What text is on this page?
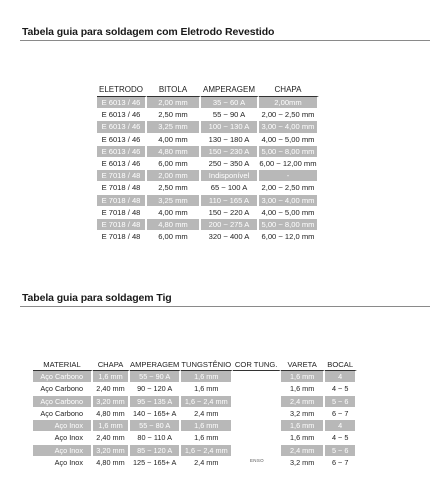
Tabela guia para soldagem com Eletrodo Revestido
ELETRODO	BITOLA	AMPERAGEM	CHAPA
E 6013 / 46	2,00 mm	35 ~ 60 A	2,00mm
E 6013 / 46	2,50 mm	55 ~ 90 A	2,00 ~ 2,50 mm
E 6013 / 46	3,25 mm	100 ~ 130 A	3,00 ~ 4,00 mm
E 6013 / 46	4,00 mm	130 ~ 180 A	4,00 ~ 5,00 mm
E 6013 / 46	4,80 mm	150 ~ 230 A	5,00 ~ 8,00 mm
E 6013 / 46	6,00 mm	250 ~ 350 A	6,00 ~ 12,00 mm
E 7018 / 48	2,00 mm	Indisponível	-
E 7018 / 48	2,50 mm	65 ~ 100 A	2,00 ~ 2,50 mm
E 7018 / 48	3,25 mm	110 ~ 165 A	3,00 ~ 4,00 mm
E 7018 / 48	4,00 mm	150 ~ 220 A	4,00 ~ 5,00 mm
E 7018 / 48	4,80 mm	200 ~ 275 A	5,00 ~ 8,00 mm
E 7018 / 48	6,00 mm	320 ~ 400 A	6,00 ~ 12,0 mm
Tabela guia para soldagem Tig
MATERIAL	CHAPA	AMPERAGEM	TUNGSTÊNIO	COR TUNG.	VARETA	BOCAL
Aço Carbono	1,6 mm	55 ~ 90 A	1,6 mm		1,6 mm	4
Aço Carbono	2,40 mm	90 ~ 120 A	1,6 mm		1,6 mm	4 ~ 5
Aço Carbono	3,20 mm	95 ~ 135 A	1,6 ~ 2,4 mm		2,4 mm	5 ~ 6
Aço Carbono	4,80 mm	140 ~ 165+ A	2,4 mm		3,2 mm	6 ~ 7
Aço Inox	1,6 mm	55 ~ 80 A	1,6 mm		1,6 mm	4
Aço Inox	2,40 mm	80 ~ 110 A	1,6 mm		1,6 mm	4 ~ 5
Aço Inox	3,20 mm	85 ~ 120 A	1,6 ~ 2,4 mm		2,4 mm	5 ~ 6
Aço Inox	4,80 mm	125 ~ 165+ A	2,4 mm		3,2 mm	6 ~ 7
ENSO
